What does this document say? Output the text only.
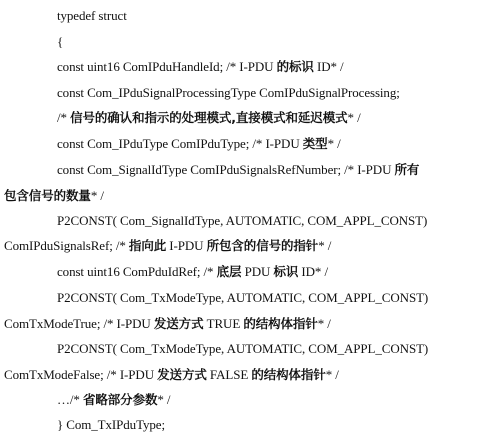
typedef struct
{
const uint16 ComIPduHandleId; /* I-PDU 的标识 ID* /
const Com_IPduSignalProcessingType ComIPduSignalProcessing;
/* 信号的确认和指示的处理模式,直接模式和延迟模式* /
const Com_IPduType ComIPduType; /* I-PDU 类型* /
const Com_SignalIdType ComIPduSignalsRefNumber; /* I-PDU 所有
包含信号的数量* /
P2CONST( Com_SignalIdType, AUTOMATIC, COM_APPL_CONST)
ComIPduSignalsRef; /* 指向此 I-PDU 所包含的信号的指针* /
const uint16 ComPduIdRef; /* 底层 PDU 标识 ID* /
P2CONST( Com_TxModeType, AUTOMATIC, COM_APPL_CONST)
ComTxModeTrue; /* I-PDU 发送方式 TRUE 的结构体指针* /
P2CONST( Com_TxModeType, AUTOMATIC, COM_APPL_CONST)
ComTxModeFalse; /* I-PDU 发送方式 FALSE 的结构体指针* /
…/* 省略部分参数* /
} Com_TxIPduType;
